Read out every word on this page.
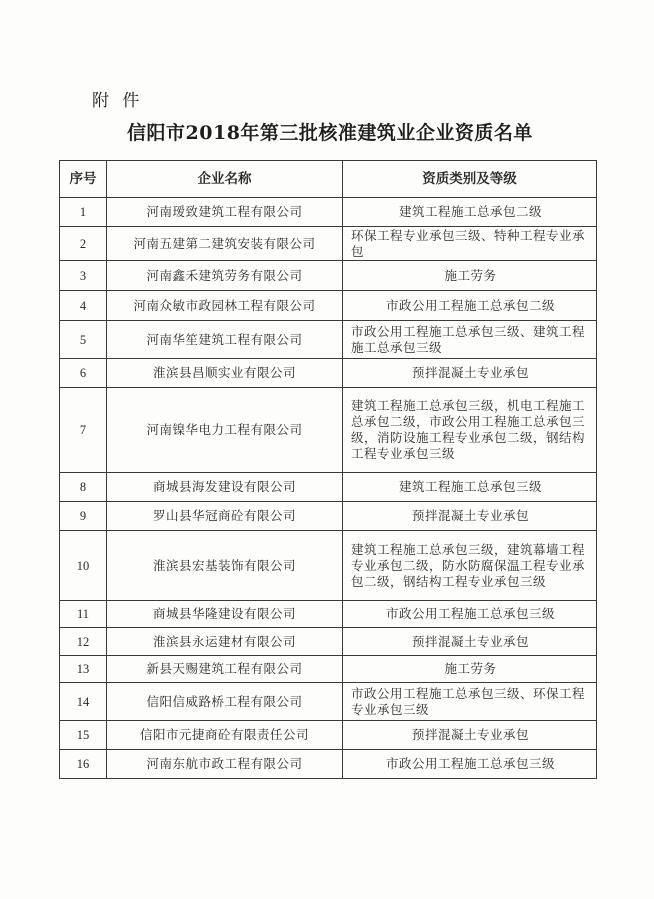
附 件
信阳市2018年第三批核准建筑业企业资质名单
序号	企业名称	资质类别及等级
1	河南瑷致建筑工程有限公司	建筑工程施工总承包二级
2	河南五建第二建筑安装有限公司	环保工程专业承包三级、特种工程专业承包
3	河南鑫禾建筑劳务有限公司	施工劳务
4	河南众敏市政园林工程有限公司	市政公用工程施工总承包二级
5	河南华笙建筑工程有限公司	市政公用工程施工总承包三级、建筑工程施工总承包三级
6	淮滨县昌顺实业有限公司	预拌混凝土专业承包
7	河南镍华电力工程有限公司	建筑工程施工总承包三级，机电工程施工总承包二级，市政公用工程施工总承包三级，消防设施工程专业承包二级，钢结构工程专业承包三级
8	商城县海发建设有限公司	建筑工程施工总承包三级
9	罗山县华冠商砼有限公司	预拌混凝土专业承包
10	淮滨县宏基装饰有限公司	建筑工程施工总承包三级，建筑幕墙工程专业承包二级，防水防腐保温工程专业承包二级，钢结构工程专业承包三级
11	商城县华隆建设有限公司	市政公用工程施工总承包三级
12	淮滨县永运建材有限公司	预拌混凝土专业承包
13	新县天赐建筑工程有限公司	施工劳务
14	信阳信威路桥工程有限公司	市政公用工程施工总承包三级、环保工程专业承包三级
15	信阳市元捷商砼有限责任公司	预拌混凝土专业承包
16	河南东航市政工程有限公司	市政公用工程施工总承包三级
